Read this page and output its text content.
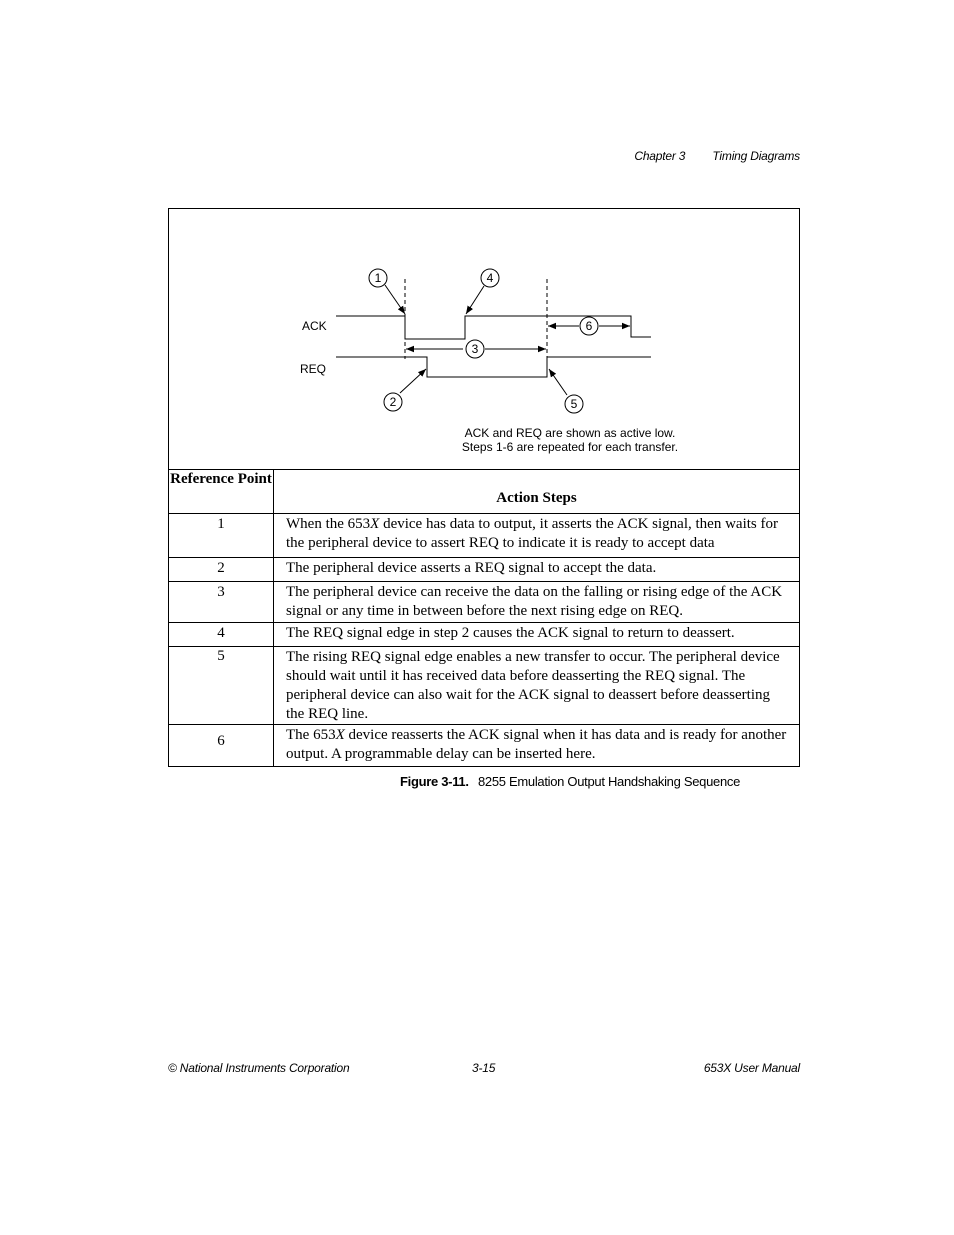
Chapter 3 Timing Diagrams
ACK
REQ
1	4
3
6
2	5
ACK and REQ are shown as active low.
Steps 1-6 are repeated for each transfer.
Reference Point	Action Steps
1	When the 653X device has data to output, it asserts the ACK signal, then waits for the peripheral device to assert REQ to indicate it is ready to accept data
2	The peripheral device asserts a REQ signal to accept the data.
3	The peripheral device can receive the data on the falling or rising edge of the ACK signal or any time in between before the next rising edge on REQ.
4	The REQ signal edge in step 2 causes the ACK signal to return to deassert.
5	The rising REQ signal edge enables a new transfer to occur. The peripheral device should wait until it has received data before deasserting the REQ signal. The peripheral device can also wait for the ACK signal to deassert before deasserting the REQ line.
6	The 653X device reasserts the ACK signal when it has data and is ready for another output. A programmable delay can be inserted here.
Figure 3-11. 8255 Emulation Output Handshaking Sequence
© National Instruments Corporation	3-15	653X User Manual
